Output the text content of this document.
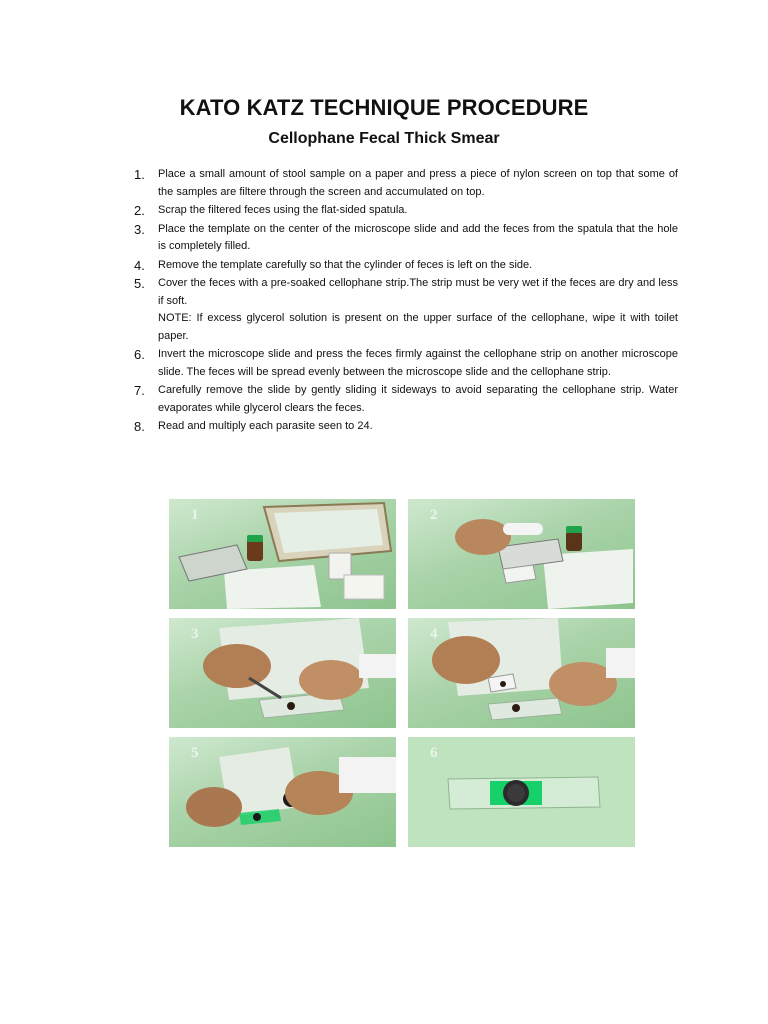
KATO KATZ TECHNIQUE PROCEDURE
Cellophane Fecal Thick Smear
1. Place a small amount of stool sample on a paper and press a piece of nylon screen on top that some of the samples are filtere through the screen and accumulated on top.
2. Scrap the filtered feces using the flat-sided spatula.
3. Place the template on the center of the microscope slide and add the feces from the spatula that the hole is completely filled.
4. Remove the template carefully so that the cylinder of feces is left on the side.
5. Cover the feces with a pre-soaked cellophane strip.The strip must be very wet if the feces are dry and less if soft.
NOTE: If excess glycerol solution is present on the upper surface of the cellophane, wipe it with toilet paper.
6. Invert the microscope slide and press the feces firmly against the cellophane strip on another microscope slide. The feces will be spread evenly between the microscope slide and the cellophane strip.
7. Carefully remove the slide by gently sliding it sideways to avoid separating the cellophane strip. Water evaporates while glycerol clears the feces.
8. Read and multiply each parasite seen to 24.
1	2
3	4
5	6
